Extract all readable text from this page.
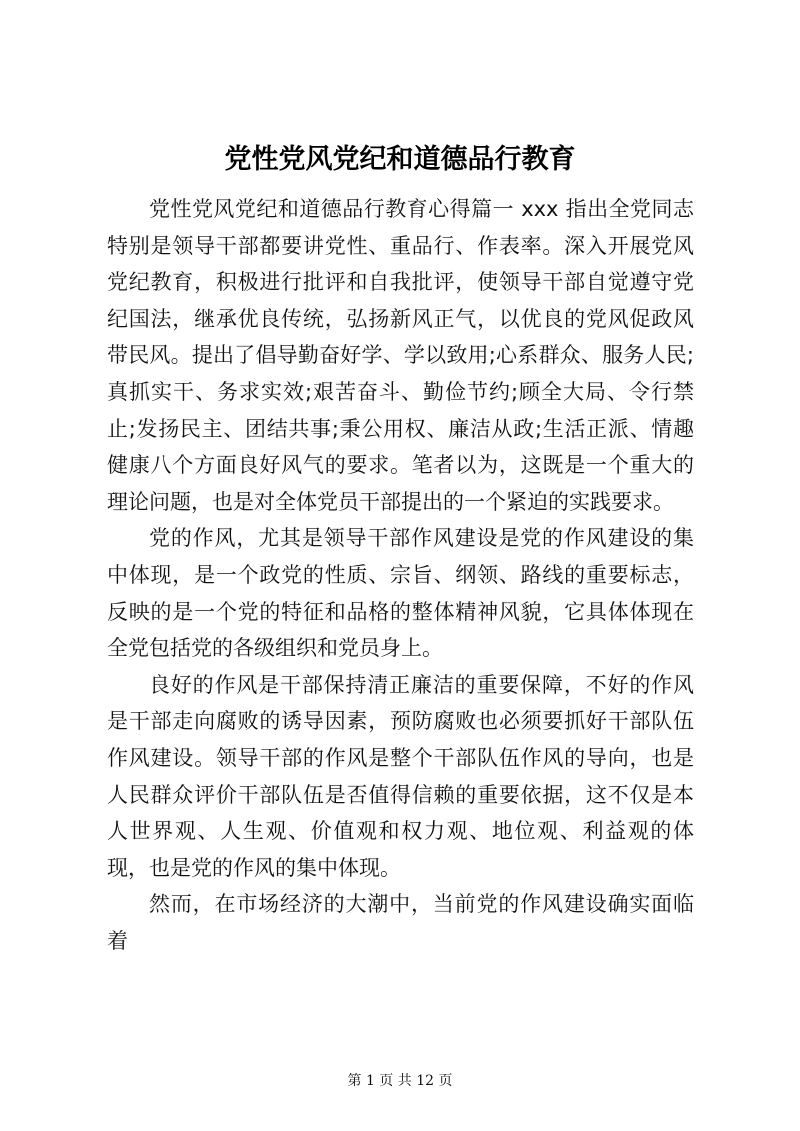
党性党风党纪和道德品行教育

党性党风党纪和道德品行教育心得篇一 xxx 指出全党同志特别是领导干部都要讲党性、重品行、作表率。深入开展党风党纪教育，积极进行批评和自我批评，使领导干部自觉遵守党纪国法，继承优良传统，弘扬新风正气，以优良的党风促政风带民风。提出了倡导勤奋好学、学以致用;心系群众、服务人民;真抓实干、务求实效;艰苦奋斗、勤俭节约;顾全大局、令行禁止;发扬民主、团结共事;秉公用权、廉洁从政;生活正派、情趣健康八个方面良好风气的要求。笔者以为，这既是一个重大的理论问题，也是对全体党员干部提出的一个紧迫的实践要求。

党的作风，尤其是领导干部作风建设是党的作风建设的集中体现，是一个政党的性质、宗旨、纲领、路线的重要标志，反映的是一个党的特征和品格的整体精神风貌，它具体体现在全党包括党的各级组织和党员身上。

良好的作风是干部保持清正廉洁的重要保障，不好的作风是干部走向腐败的诱导因素，预防腐败也必须要抓好干部队伍作风建设。领导干部的作风是整个干部队伍作风的导向，也是人民群众评价干部队伍是否值得信赖的重要依据，这不仅是本人世界观、人生观、价值观和权力观、地位观、利益观的体现，也是党的作风的集中体现。

然而，在市场经济的大潮中，当前党的作风建设确实面临着

第 1 页 共 12 页
